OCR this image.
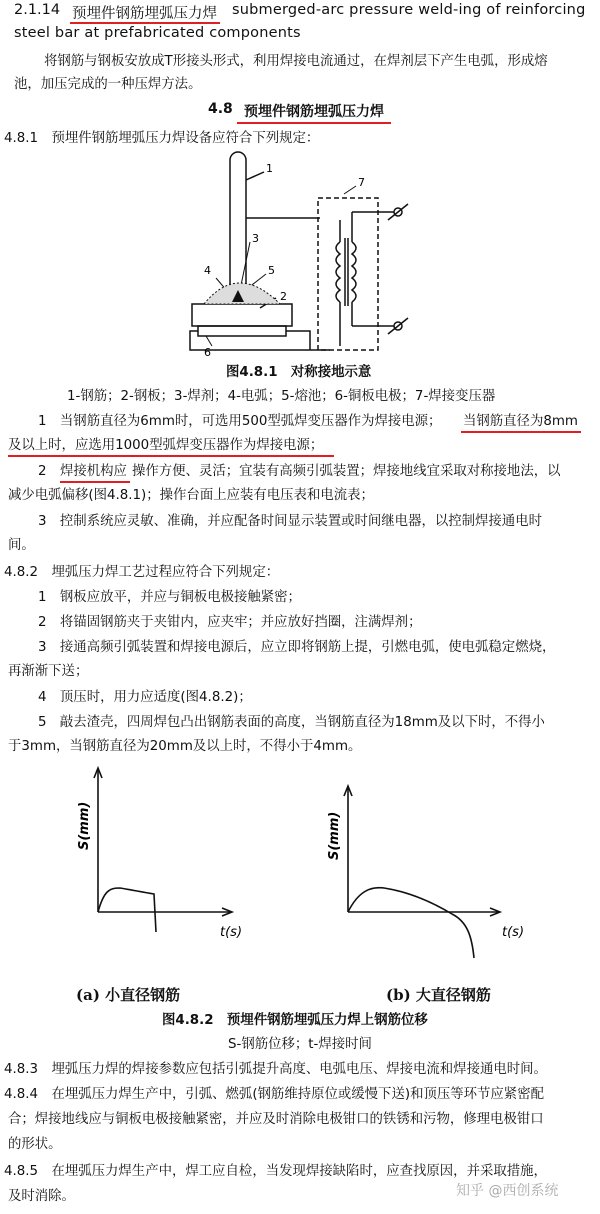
2.1.14 预埋件钢筋埋弧压力焊 submerged-arc pressure weld-ing of reinforcing
steel bar at prefabricated components
将钢筋与钢板安放成T形接头形式，利用焊接电流通过，在焊剂层下产生电弧，形成熔
池，加压完成的一种压焊方法。
4.8 预埋件钢筋埋弧压力焊
4.8.1　预埋件钢筋埋弧压力焊设备应符合下列规定：
1
2
3
4	5
6
7
图4.8.1　对称接地示意
1-钢筋；2-钢板；3-焊剂；4-电弧；5-熔池；6-铜板电极；7-焊接变压器
1　当钢筋直径为6mm时，可选用500型弧焊变压器作为焊接电源； 当钢筋直径为8mm
及以上时，应选用1000型弧焊变压器作为焊接电源；
2　 焊接机构应 操作方便、灵活；宜装有高频引弧装置；焊接地线宜采取对称接地法，以
减少电弧偏移(图4.8.1)；操作台面上应装有电压表和电流表；
3　控制系统应灵敏、准确，并应配备时间显示装置或时间继电器，以控制焊接通电时
间。
4.8.2　埋弧压力焊工艺过程应符合下列规定：
1　钢板应放平，并应与铜板电极接触紧密；
2　将锚固钢筋夹于夹钳内，应夹牢；并应放好挡圈，注满焊剂；
3　接通高频引弧装置和焊接电源后，应立即将钢筋上提，引燃电弧，使电弧稳定燃烧，
再渐渐下送；
4　顶压时，用力应适度(图4.8.2)；
5　敲去渣壳，四周焊包凸出钢筋表面的高度，当钢筋直径为18mm及以下时，不得小
于3mm，当钢筋直径为20mm及以上时，不得小于4mm。
S(mm)
t(s)
S(mm)
t(s)
(a) 小直径钢筋	(b) 大直径钢筋
图4.8.2　预埋件钢筋埋弧压力焊上钢筋位移
S-钢筋位移；t-焊接时间
4.8.3　埋弧压力焊的焊接参数应包括引弧提升高度、电弧电压、焊接电流和焊接通电时间。
4.8.4　在埋弧压力焊生产中，引弧、燃弧(钢筋维持原位或缓慢下送)和顶压等环节应紧密配
合；焊接地线应与铜板电极接触紧密，并应及时消除电极钳口的铁锈和污物，修理电极钳口
的形状。
4.8.5　在埋弧压力焊生产中，焊工应自检，当发现焊接缺陷时，应查找原因，并采取措施，
及时消除。	知乎 @西创系统
